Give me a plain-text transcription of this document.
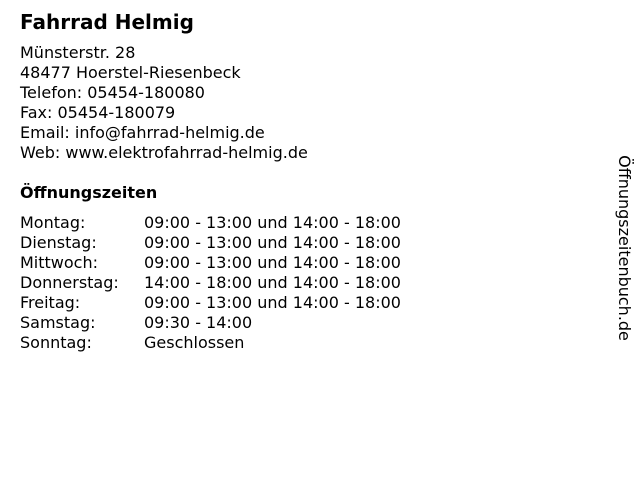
Fahrrad Helmig
Münsterstr. 28
48477 Hoerstel-Riesenbeck
Telefon: 05454-180080
Fax: 05454-180079
Email: info@fahrrad-helmig.de
Web: www.elektrofahrrad-helmig.de
Öffnungszeiten
Montag:	09:00 - 13:00 und 14:00 - 18:00
Dienstag:	09:00 - 13:00 und 14:00 - 18:00
Mittwoch:	09:00 - 13:00 und 14:00 - 18:00
Donnerstag:	14:00 - 18:00 und 14:00 - 18:00
Freitag:	09:00 - 13:00 und 14:00 - 18:00
Samstag:	09:30 - 14:00
Sonntag:	Geschlossen
Öffnungszeitenbuch.de
